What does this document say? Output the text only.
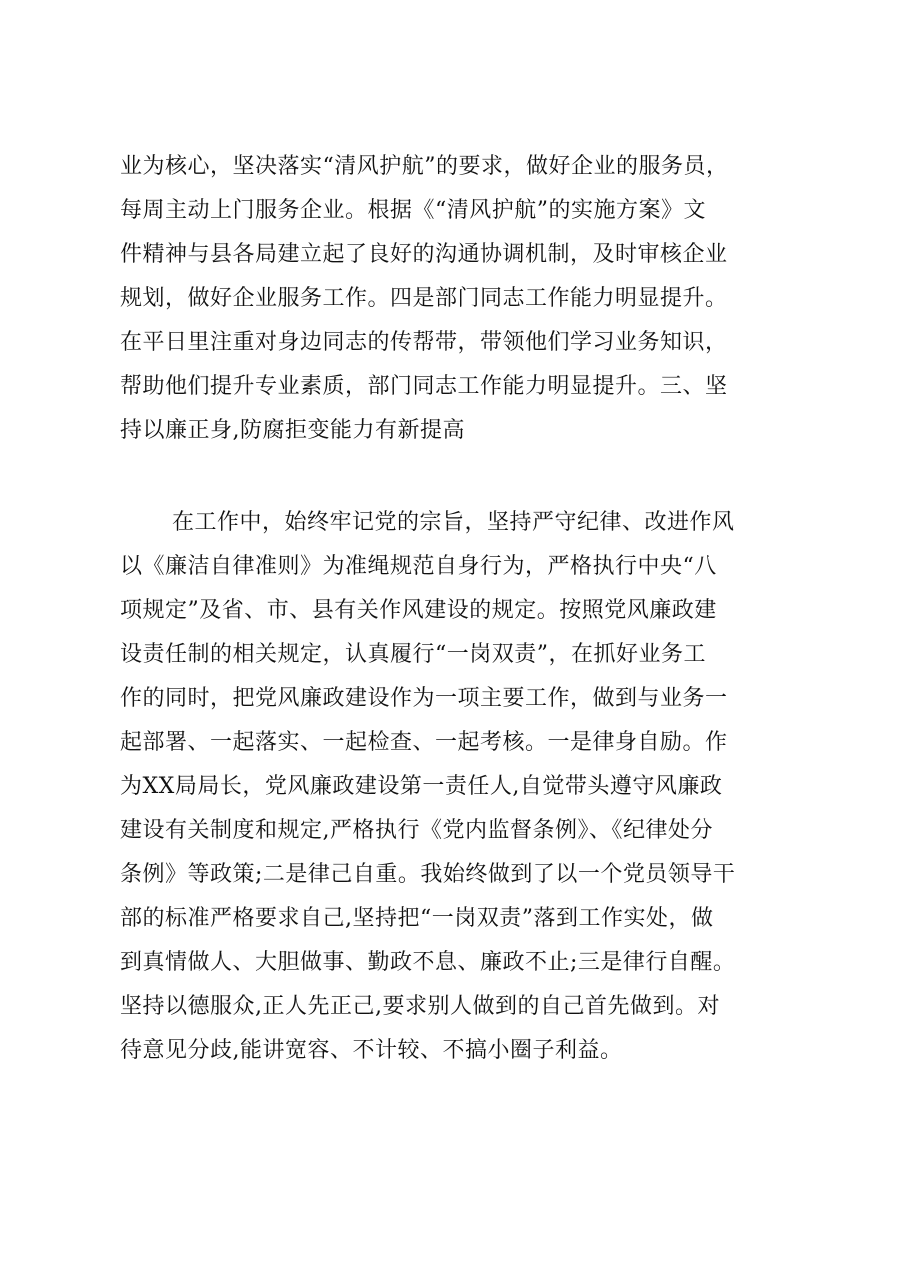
业为核心，坚决落实“清风护航”的要求，做好企业的服务员，
每周主动上门服务企业。根据《“清风护航”的实施方案》文
件精神与县各局建立起了良好的沟通协调机制，及时审核企业
规划，做好企业服务工作。四是部门同志工作能力明显提升。
在平日里注重对身边同志的传帮带，带领他们学习业务知识，
帮助他们提升专业素质，部门同志工作能力明显提升。三、坚
持以廉正身,防腐拒变能力有新提高
在工作中，始终牢记党的宗旨，坚持严守纪律、改进作风
以《廉洁自律准则》为准绳规范自身行为，严格执行中央“八
项规定”及省、市、县有关作风建设的规定。按照党风廉政建
设责任制的相关规定，认真履行“一岗双责”，在抓好业务工
作的同时，把党风廉政建设作为一项主要工作，做到与业务一
起部署、一起落实、一起检查、一起考核。一是律身自励。作
为XX局局长，党风廉政建设第一责任人,自觉带头遵守风廉政
建设有关制度和规定,严格执行《党内监督条例》、《纪律处分
条例》等政策;二是律己自重。我始终做到了以一个党员领导干
部的标准严格要求自己,坚持把“一岗双责”落到工作实处，做
到真情做人、大胆做事、勤政不息、廉政不止;三是律行自醒。
坚持以德服众,正人先正己,要求别人做到的自己首先做到。对
待意见分歧,能讲宽容、不计较、不搞小圈子利益。
